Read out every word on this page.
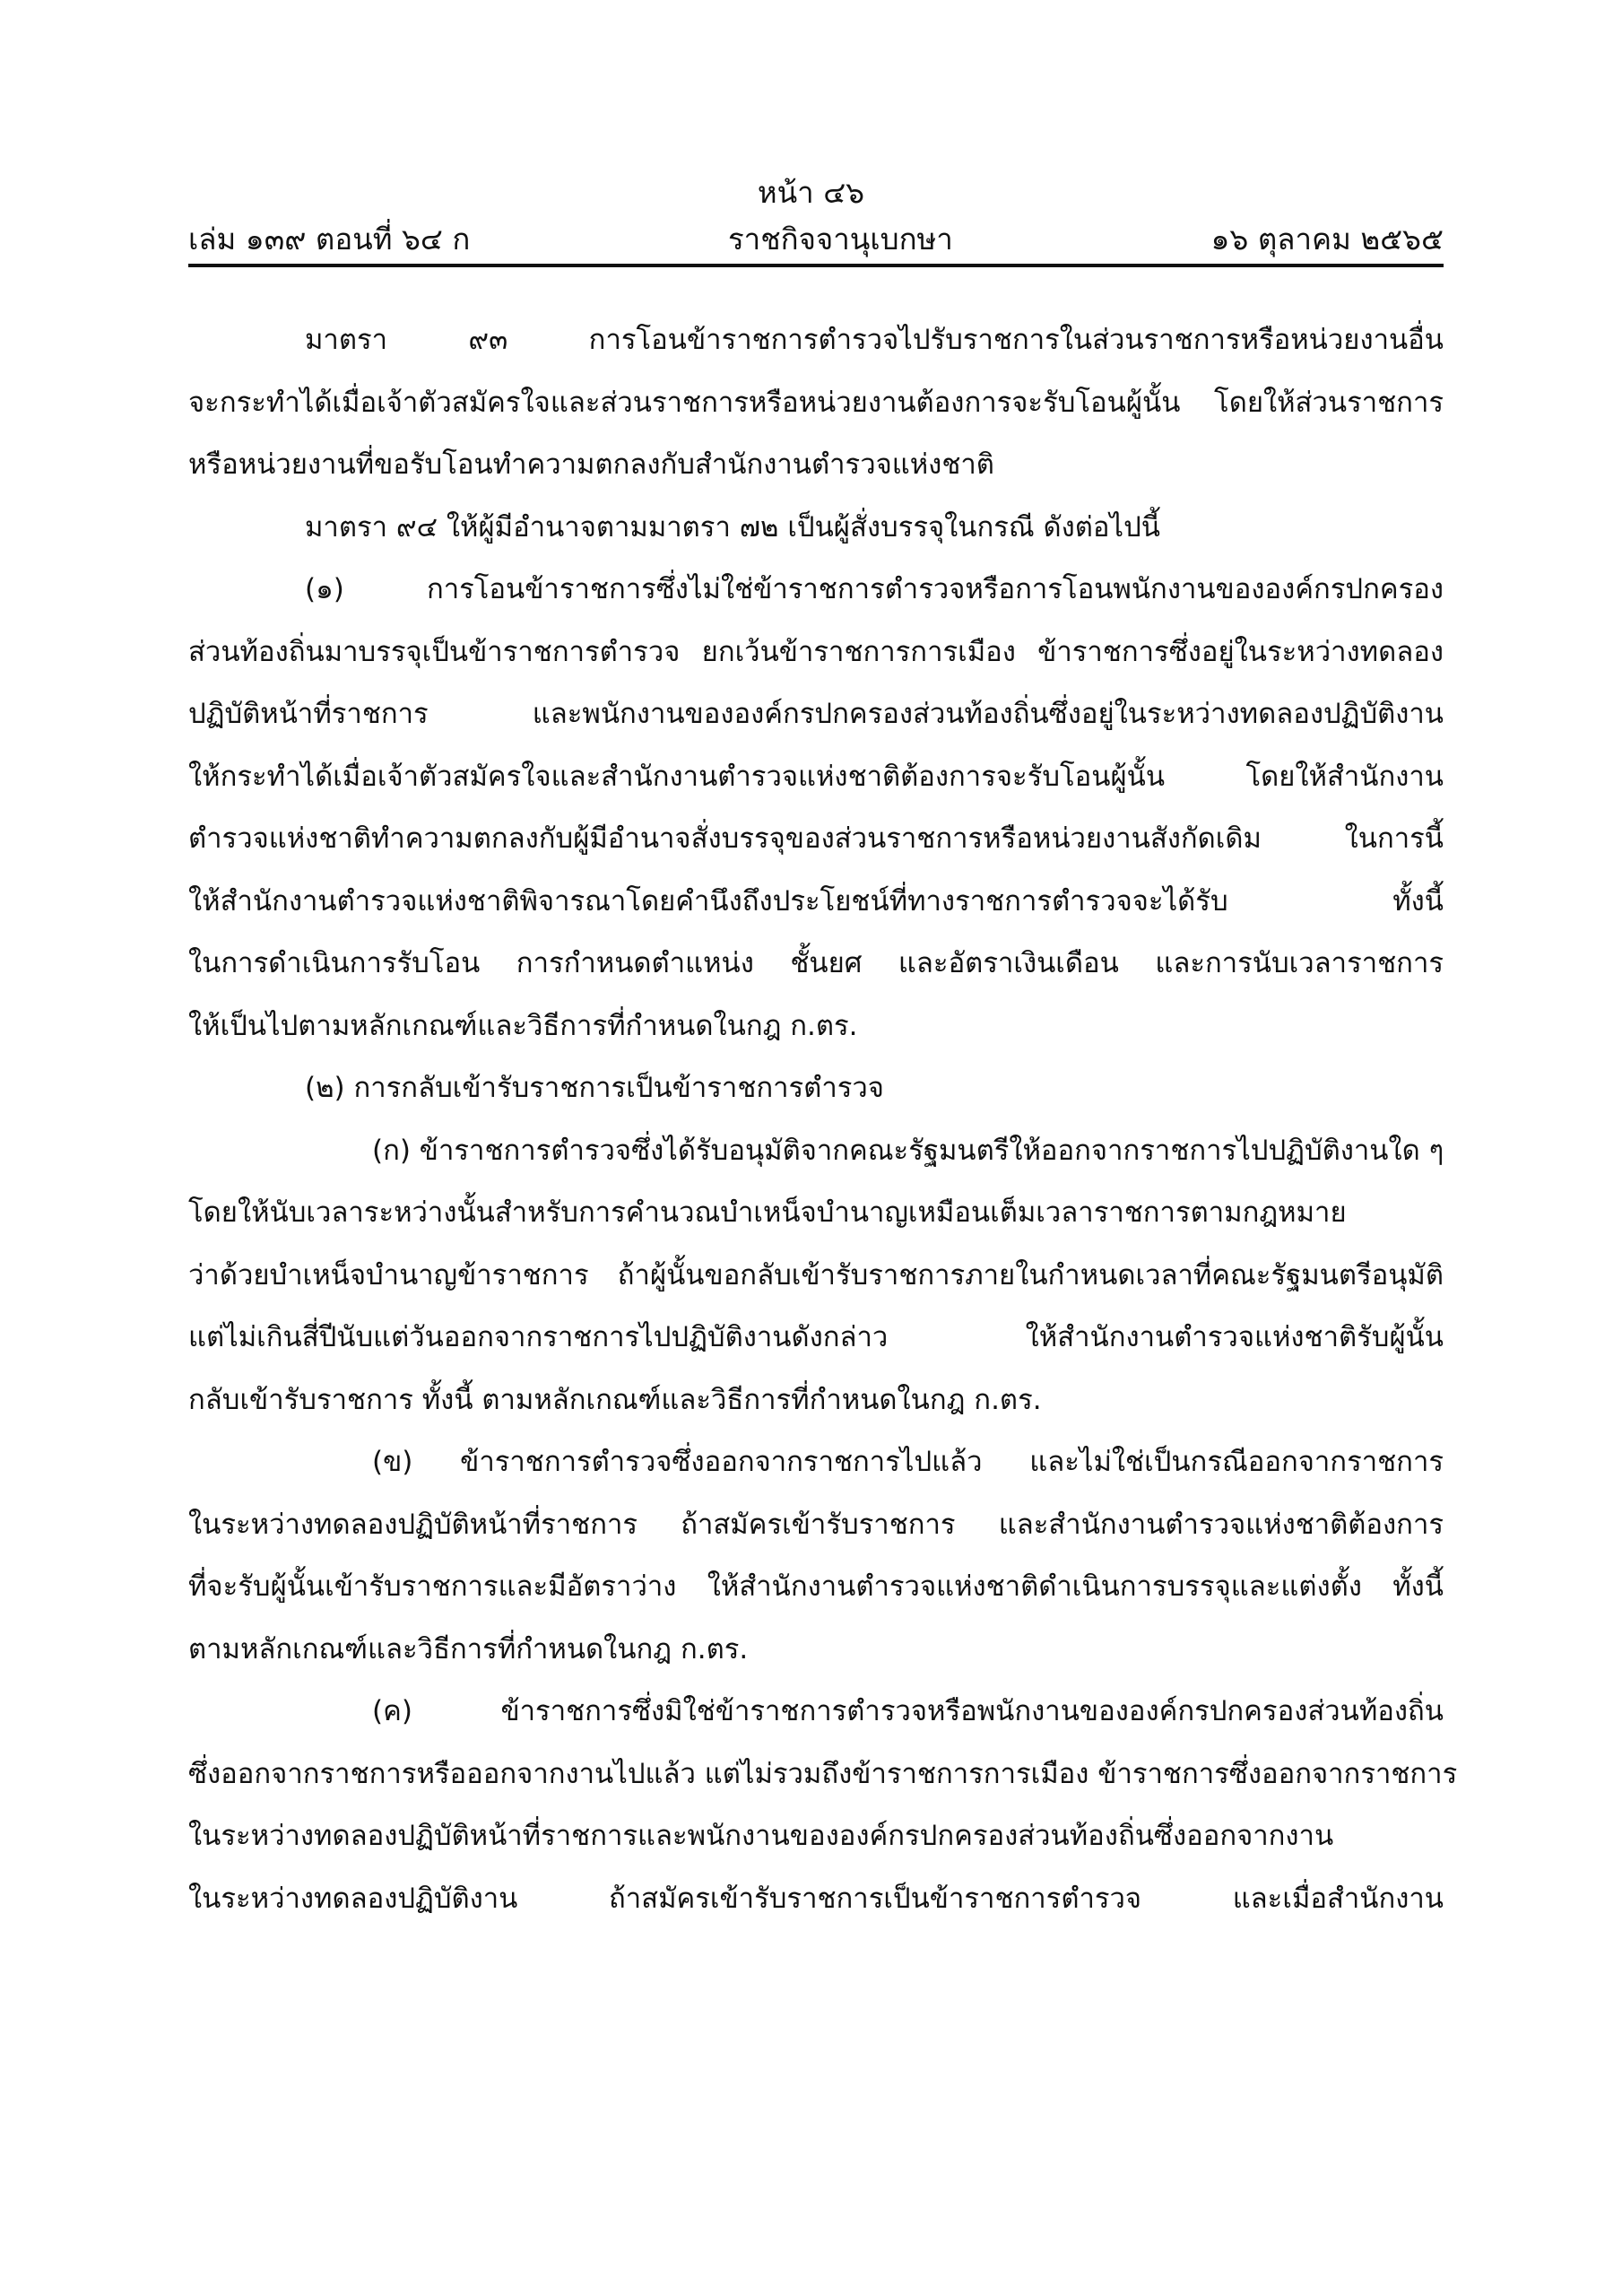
หน้า ๔๖
เล่ม ๑๓๙ ตอนที่ ๖๔ ก	ราชกิจจานุเบกษา	๑๖ ตุลาคม ๒๕๖๕
มาตรา ๙๓ การโอนข้าราชการตำรวจไปรับราชการในส่วนราชการหรือหน่วยงานอื่น
จะกระทำได้เมื่อเจ้าตัวสมัครใจและส่วนราชการหรือหน่วยงานต้องการจะรับโอนผู้นั้น โดยให้ส่วนราชการ
หรือหน่วยงานที่ขอรับโอนทำความตกลงกับสำนักงานตำรวจแห่งชาติ
มาตรา ๙๔ ให้ผู้มีอำนาจตามมาตรา ๗๒ เป็นผู้สั่งบรรจุในกรณี ดังต่อไปนี้
(๑) การโอนข้าราชการซึ่งไม่ใช่ข้าราชการตำรวจหรือการโอนพนักงานขององค์กรปกครอง
ส่วนท้องถิ่นมาบรรจุเป็นข้าราชการตำรวจ ยกเว้นข้าราชการการเมือง ข้าราชการซึ่งอยู่ในระหว่างทดลอง
ปฏิบัติหน้าที่ราชการ และพนักงานขององค์กรปกครองส่วนท้องถิ่นซึ่งอยู่ในระหว่างทดลองปฏิบัติงาน
ให้กระทำได้เมื่อเจ้าตัวสมัครใจและสำนักงานตำรวจแห่งชาติต้องการจะรับโอนผู้นั้น โดยให้สำนักงาน
ตำรวจแห่งชาติทำความตกลงกับผู้มีอำนาจสั่งบรรจุของส่วนราชการหรือหน่วยงานสังกัดเดิม ในการนี้
ให้สำนักงานตำรวจแห่งชาติพิจารณาโดยคำนึงถึงประโยชน์ที่ทางราชการตำรวจจะได้รับ ทั้งนี้
ในการดำเนินการรับโอน การกำหนดตำแหน่ง ชั้นยศ และอัตราเงินเดือน และการนับเวลาราชการ
ให้เป็นไปตามหลักเกณฑ์และวิธีการที่กำหนดในกฎ ก.ตร.
(๒) การกลับเข้ารับราชการเป็นข้าราชการตำรวจ
(ก) ข้าราชการตำรวจซึ่งได้รับอนุมัติจากคณะรัฐมนตรีให้ออกจากราชการไปปฏิบัติงานใด ๆ
โดยให้นับเวลาระหว่างนั้นสำหรับการคำนวณบำเหน็จบำนาญเหมือนเต็มเวลาราชการตามกฎหมาย
ว่าด้วยบำเหน็จบำนาญข้าราชการ ถ้าผู้นั้นขอกลับเข้ารับราชการภายในกำหนดเวลาที่คณะรัฐมนตรีอนุมัติ
แต่ไม่เกินสี่ปีนับแต่วันออกจากราชการไปปฏิบัติงานดังกล่าว ให้สำนักงานตำรวจแห่งชาติรับผู้นั้น
กลับเข้ารับราชการ ทั้งนี้ ตามหลักเกณฑ์และวิธีการที่กำหนดในกฎ ก.ตร.
(ข) ข้าราชการตำรวจซึ่งออกจากราชการไปแล้ว และไม่ใช่เป็นกรณีออกจากราชการ
ในระหว่างทดลองปฏิบัติหน้าที่ราชการ ถ้าสมัครเข้ารับราชการ และสำนักงานตำรวจแห่งชาติต้องการ
ที่จะรับผู้นั้นเข้ารับราชการและมีอัตราว่าง ให้สำนักงานตำรวจแห่งชาติดำเนินการบรรจุและแต่งตั้ง ทั้งนี้
ตามหลักเกณฑ์และวิธีการที่กำหนดในกฎ ก.ตร.
(ค) ข้าราชการซึ่งมิใช่ข้าราชการตำรวจหรือพนักงานขององค์กรปกครองส่วนท้องถิ่น
ซึ่งออกจากราชการหรือออกจากงานไปแล้ว แต่ไม่รวมถึงข้าราชการการเมือง ข้าราชการซึ่งออกจากราชการ
ในระหว่างทดลองปฏิบัติหน้าที่ราชการและพนักงานขององค์กรปกครองส่วนท้องถิ่นซึ่งออกจากงาน
ในระหว่างทดลองปฏิบัติงาน ถ้าสมัครเข้ารับราชการเป็นข้าราชการตำรวจ และเมื่อสำนักงาน
